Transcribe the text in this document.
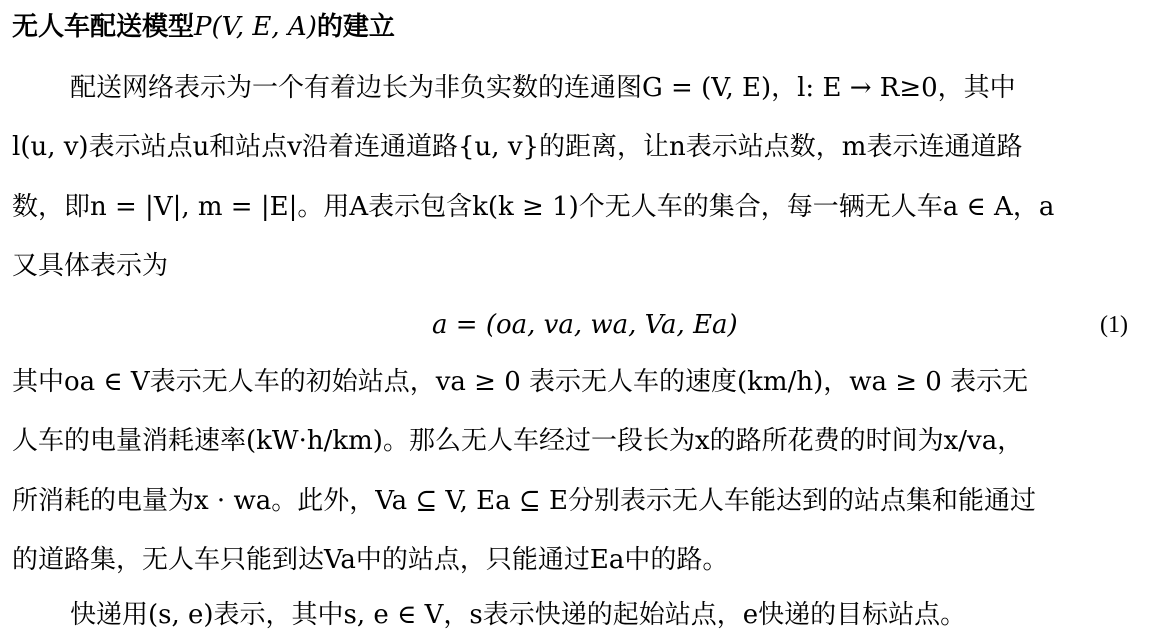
无人车配送模型P(V, E, A)的建立
配送网络表示为一个有着边长为非负实数的连通图G = (V, E)，l: E → R≥0，其中
l(u, v)表示站点u和站点v沿着连通道路{u, v}的距离，让n表示站点数，m表示连通道路
数，即n = |V|, m = |E|。用A表示包含k(k ≥ 1)个无人车的集合，每一辆无人车a ∈ A，a
又具体表示为
a = (oa, va, wa, Va, Ea)	(1)
其中oa ∈ V表示无人车的初始站点，va ≥ 0 表示无人车的速度(km/h)，wa ≥ 0 表示无
人车的电量消耗速率(kW·h/km)。那么无人车经过一段长为x的路所花费的时间为x/va，
所消耗的电量为x · wa。此外，Va ⊆ V, Ea ⊆ E分别表示无人车能达到的站点集和能通过
的道路集，无人车只能到达Va中的站点，只能通过Ea中的路。
快递用(s, e)表示，其中s, e ∈ V，s表示快递的起始站点，e快递的目标站点。
